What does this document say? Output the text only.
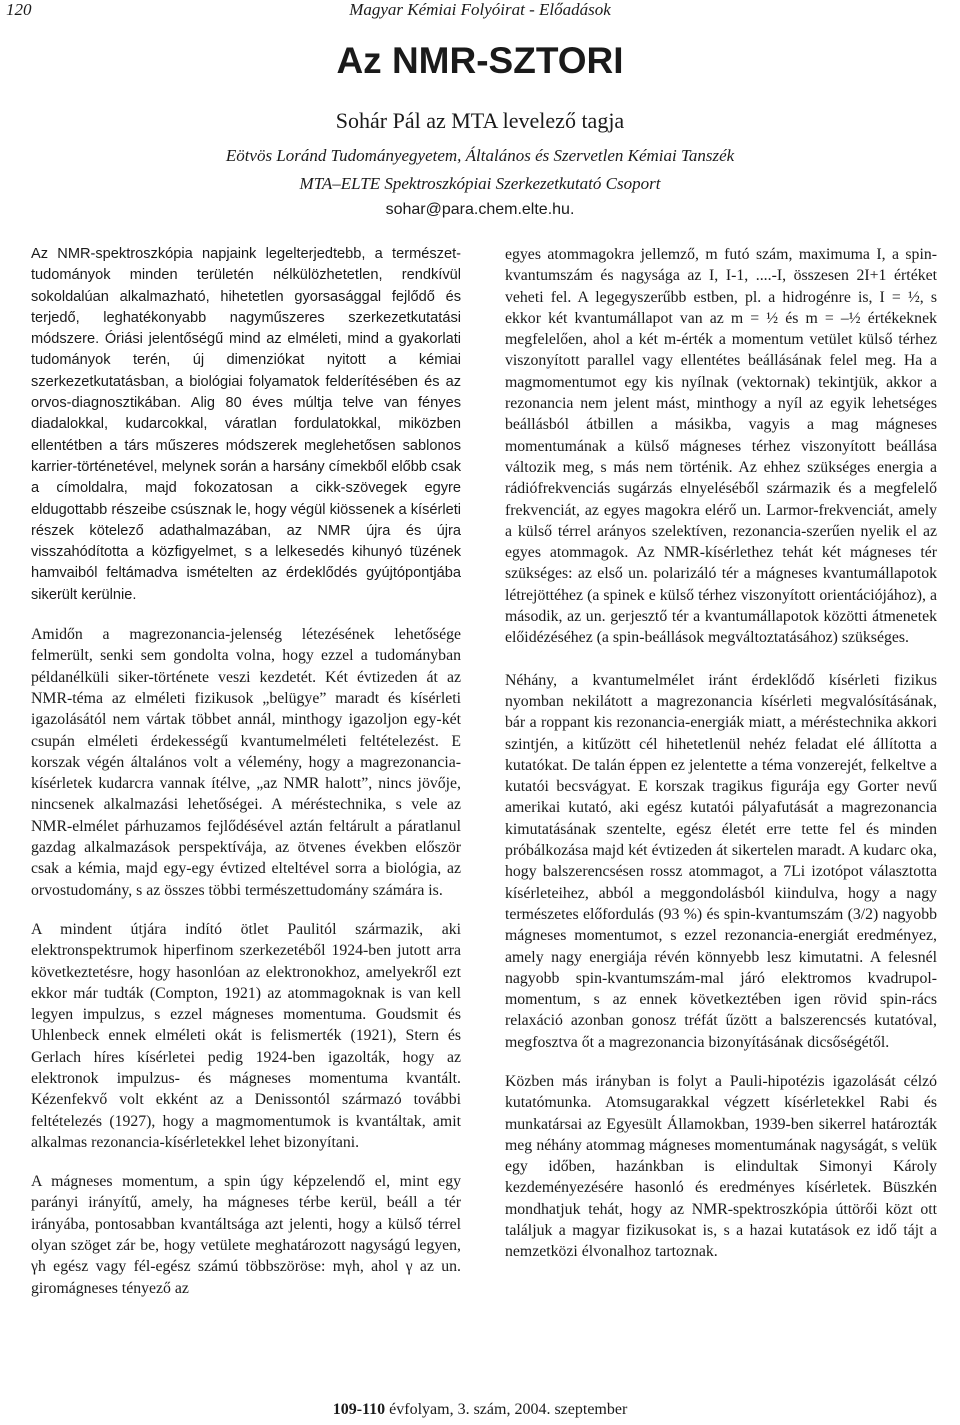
Magyar Kémiai Folyóirat - Előadások
120
Az NMR-SZTORI
Sohár Pál az MTA levelező tagja
Eötvös Loránd Tudományegyetem, Általános és Szervetlen Kémiai Tanszék
MTA–ELTE Spektroszkópiai Szerkezetkutató Csoport
sohar@para.chem.elte.hu.

Az NMR-spektroszkópia napjaink legelterjedtebb, a természet-tudományok minden területén nélkülözhetetlen, rendkívül sokoldalúan alkalmazható, hihetetlen gyorsasággal fejlődő és terjedő, leghatékonyabb nagyműszeres szerkezetkutatási módszere. Óriási jelentőségű mind az elméleti, mind a gyakorlati tudományok terén, új dimenziókat nyitott a kémiai szerkezetkutatásban, a biológiai folyamatok felderítésében és az orvos-diagnosztikában. Alig 80 éves múltja telve van fényes diadalokkal, kudarcokkal, váratlan fordulatokkal, miközben ellentétben a társ műszeres módszerek meglehetősen sablonos karrier-történetével, melynek során a harsány címekből előbb csak a címoldalra, majd fokozatosan a cikk-szövegek egyre eldugottabb részeibe csúsznak le, hogy végül kiössenek a kísérleti részek kötelező adathalmazában, az NMR újra és újra visszahódította a közfigyelmet, s a lelkesedés kihunyó tüzének hamvaiból feltámadva ismételten az érdeklődés gyújtópontjába sikerült kerülnie.

Amidőn a magrezonancia-jelenség létezésének lehetősége felmerült, senki sem gondolta volna, hogy ezzel a tudományban példanélküli siker-története veszi kezdetét. Két évtizeden át az NMR-téma az elméleti fizikusok „belügye” maradt és kísérleti igazolásától nem vártak többet annál, minthogy igazoljon egy-két csupán elméleti érdekességű kvantumelméleti feltételezést. E korszak végén általános volt a vélemény, hogy a magrezonancia-kísérletek kudarcra vannak ítélve, „az NMR halott”, nincs jövője, nincsenek alkalmazási lehetőségei. A méréstechnika, s vele az NMR-elmélet párhuzamos fejlődésével aztán feltárult a páratlanul gazdag alkalmazások perspektívája, az ötvenes években először csak a kémia, majd egy-egy évtized elteltével sorra a biológia, az orvostudomány, s az összes többi természettudomány számára is.

A mindent útjára indító ötlet Paulitól származik, aki elektronspektrumok hiperfinom szerkezetéből 1924-ben jutott arra következtetésre, hogy hasonlóan az elektronokhoz, amelyekről ezt ekkor már tudták (Compton, 1921) az atommagoknak is van kell legyen impulzus, s ezzel mágneses momentuma. Goudsmit és Uhlenbeck ennek elméleti okát is felismerték (1921), Stern és Gerlach híres kísérletei pedig 1924-ben igazolták, hogy az elektronok impulzus- és mágneses momentuma kvantált. Kézenfekvő volt ekként az a Denissontól származó további feltételezés (1927), hogy a magmomentumok is kvantáltak, amit alkalmas rezonancia-kísérletekkel lehet bizonyítani.

A mágneses momentum, a spin úgy képzelendő el, mint egy parányi irányítű, amely, ha mágneses térbe kerül, beáll a tér irányába, pontosabban kvantáltsága azt jelenti, hogy a külső térrel olyan szöget zár be, hogy vetülete meghatározott nagyságú legyen, γh egész vagy fél-egész számú többszöröse: mγh, ahol γ az un. giromágneses tényező az

egyes atommagokra jellemző, m futó szám, maximuma I, a spin-kvantumszám és nagysága az I, I-1, ....-I, összesen 2I+1 értéket veheti fel. A legegyszerűbb estben, pl. a hidrogénre is, I = ½, s ekkor két kvantumállapot van az m = ½ és m = –½ értékeknek megfelelően, ahol a két m-érték a momentum vetület külső térhez viszonyított parallel vagy ellentétes beállásának felel meg. Ha a magmomentumot egy kis nyílnak (vektornak) tekintjük, akkor a rezonancia nem jelent mást, minthogy a nyíl az egyik lehetséges beállásból átbillen a másikba, vagyis a mag mágneses momentumának a külső mágneses térhez viszonyított beállása változik meg, s más nem történik. Az ehhez szükséges energia a rádiófrekvenciás sugárzás elnyeléséből származik és a megfelelő frekvenciát, az egyes magokra elérő un. Larmor-frekvenciát, amely a külső térrel arányos szelektíven, rezonancia-szerűen nyelik el az egyes atommagok. Az NMR-kísérlethez tehát két mágneses tér szükséges: az első un. polarizáló tér a mágneses kvantumállapotok létrejöttéhez (a spinek e külső térhez viszonyított orientációjához), a második, az un. gerjesztő tér a kvantumállapotok közötti átmenetek előidézéséhez (a spin-beállások megváltoztatásához) szükséges.

Néhány, a kvantumelmélet iránt érdeklődő kísérleti fizikus nyomban nekilátott a magrezonancia kísérleti megvalósításának, bár a roppant kis rezonancia-energiák miatt, a méréstechnika akkori szintjén, a kitűzött cél hihetetlenül nehéz feladat elé állította a kutatókat. De talán éppen ez jelentette a téma vonzerejét, felkeltve a kutatói becsvágyat. E korszak tragikus figurája egy Gorter nevű amerikai kutató, aki egész kutatói pályafutását a magrezonancia kimutatásának szentelte, egész életét erre tette fel és minden próbálkozása majd két évtizeden át sikertelen maradt. A kudarc oka, hogy balszerencsésen rossz atommagot, a 7Li izotópot választotta kísérleteihez, abból a meggondolásból kiindulva, hogy a nagy természetes előfordulás (93 %) és spin-kvantumszám (3/2) nagyobb mágneses momentumot, s ezzel rezonancia-energiát eredményez, amely nagy energiája révén könnyebb lesz kimutatni. A felesnél nagyobb spin-kvantumszám-mal járó elektromos kvadrupol-momentum, s az ennek következtében igen rövid spin-rács relaxáció azonban gonosz tréfát űzött a balszerencsés kutatóval, megfosztva őt a magrezonancia bizonyításának dicsőségétől.

Közben más irányban is folyt a Pauli-hipotézis igazolását célzó kutatómunka. Atomsugarakkal végzett kísérletekkel Rabi és munkatársai az Egyesült Államokban, 1939-ben sikerrel határozták meg néhány atommag mágneses momentumának nagyságát, s velük egy időben, hazánkban is elindultak Simonyi Károly kezdeményezésére hasonló és eredményes kísérletek. Büszkén mondhatjuk tehát, hogy az NMR-spektroszkópia úttörői közt ott találjuk a magyar fizikusokat is, s a hazai kutatások ez idő tájt a nemzetközi élvonalhoz tartoznak.

109-110 évfolyam, 3. szám, 2004. szeptember
